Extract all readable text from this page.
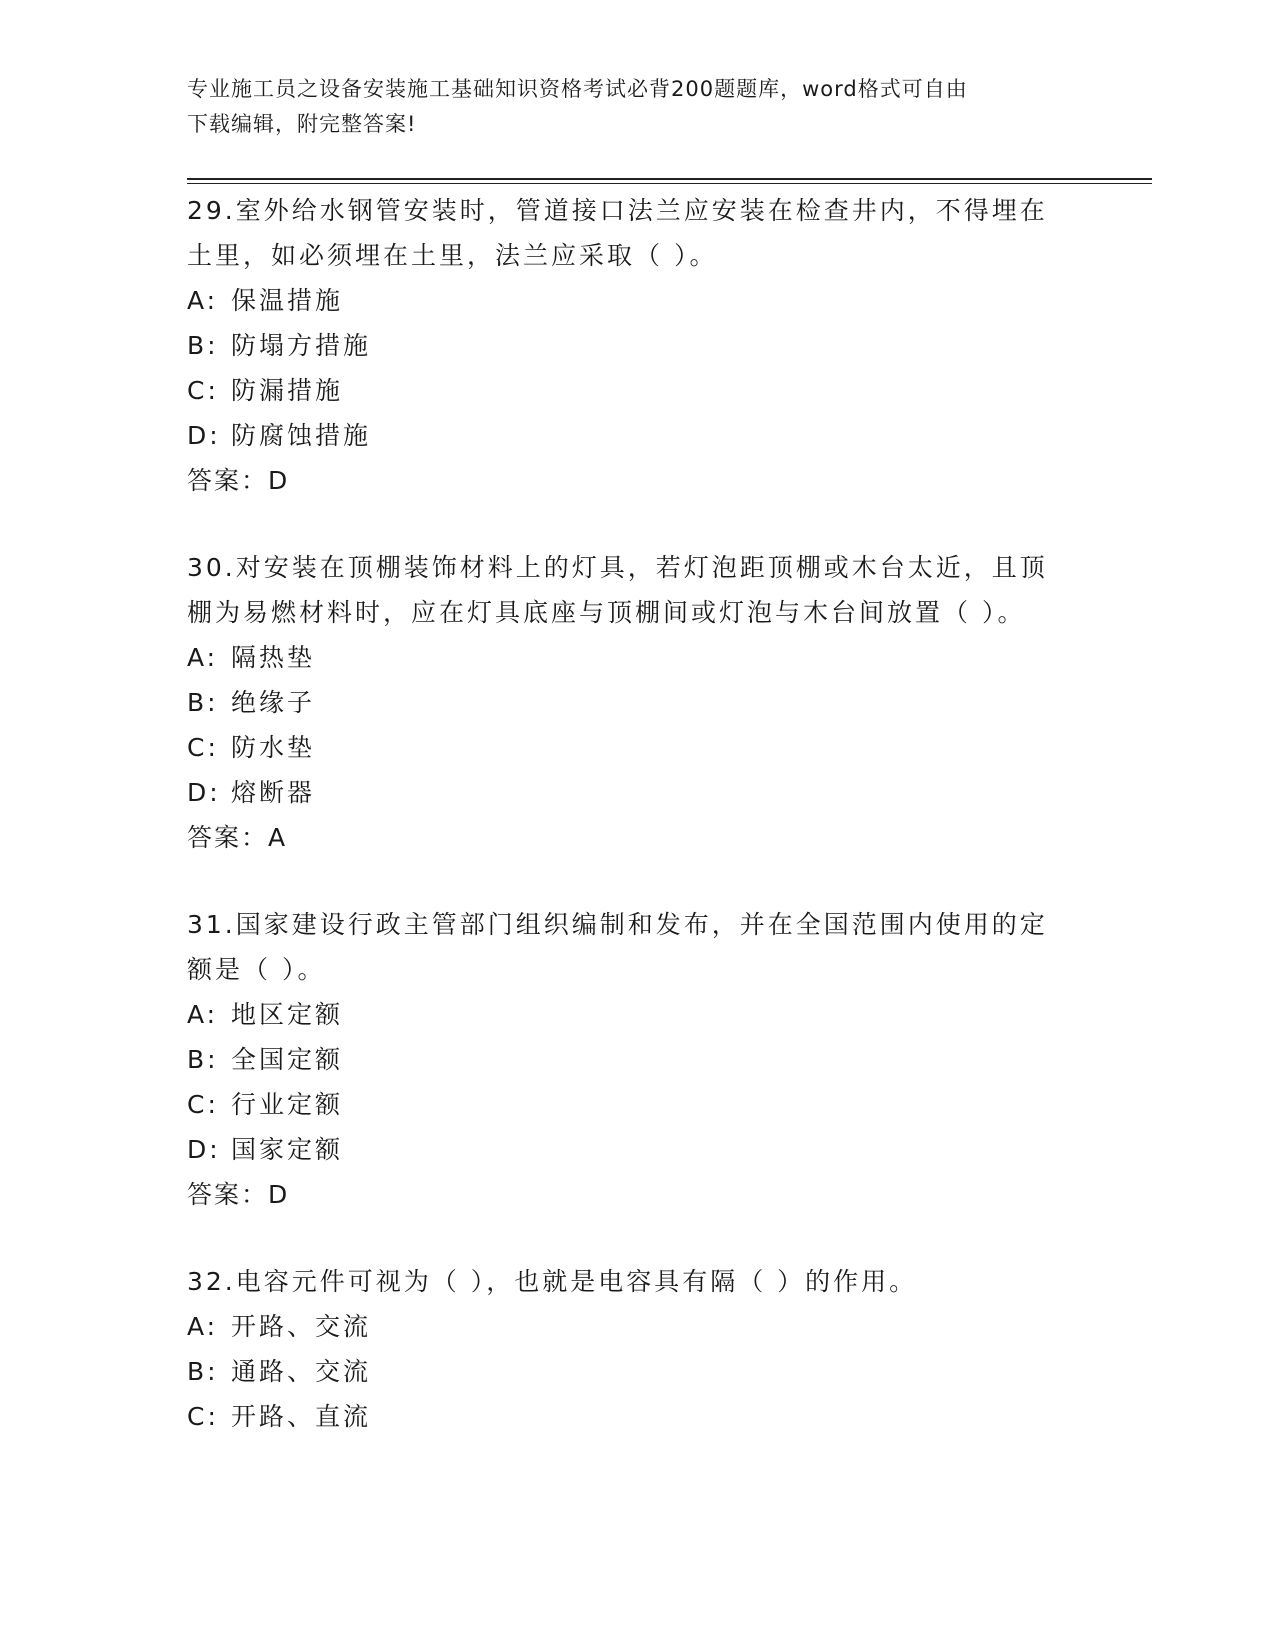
专业施工员之设备安装施工基础知识资格考试必背200题题库，word格式可自由
下载编辑，附完整答案!

29.室外给水钢管安装时，管道接口法兰应安装在检查井内，不得埋在
土里，如必须埋在土里，法兰应采取（ ）。

A: 保温措施

B: 防塌方措施

C: 防漏措施

D: 防腐蚀措施

答案：D

30.对安装在顶棚装饰材料上的灯具，若灯泡距顶棚或木台太近，且顶
棚为易燃材料时，应在灯具底座与顶棚间或灯泡与木台间放置（ ）。

A: 隔热垫

B: 绝缘子

C: 防水垫

D: 熔断器

答案：A

31.国家建设行政主管部门组织编制和发布，并在全国范围内使用的定
额是（ ）。

A: 地区定额

B: 全国定额

C: 行业定额

D: 国家定额

答案：D

32.电容元件可视为（ ），也就是电容具有隔（ ）的作用。

A: 开路、交流

B: 通路、交流

C: 开路、直流
